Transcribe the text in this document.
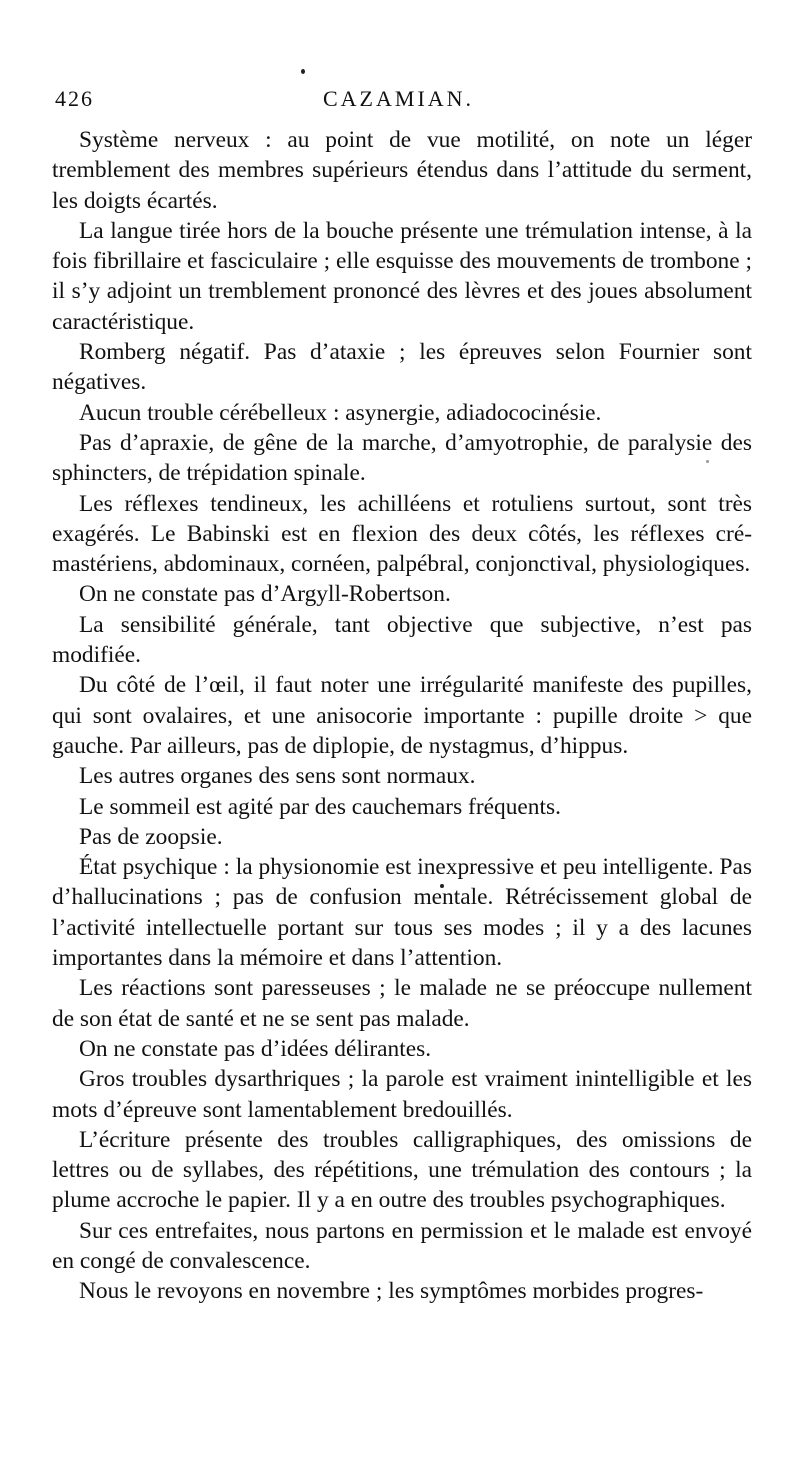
426	CAZAMIAN.

Système nerveux : au point de vue motilité, on note un léger tremblement des membres supérieurs étendus dans l’attitude du serment, les doigts écartés.

La langue tirée hors de la bouche présente une trémulation intense, à la fois fibrillaire et fasciculaire ; elle esquisse des mouvements de trombone ; il s’y adjoint un tremblement prononcé des lèvres et des joues absolument caractéristique.

Romberg négatif. Pas d’ataxie ; les épreuves selon Fournier sont négatives.

Aucun trouble cérébelleux : asynergie, adiadococinésie.

Pas d’apraxie, de gêne de la marche, d’amyotrophie, de paralysie des sphincters, de trépidation spinale.

Les réflexes tendineux, les achilléens et rotuliens surtout, sont très exagérés. Le Babinski est en flexion des deux côtés, les réflexes crémastériens, abdominaux, cornéen, palpébral, conjonctival, physiologiques.

On ne constate pas d’Argyll-Robertson.

La sensibilité générale, tant objective que subjective, n’est pas modifiée.

Du côté de l’œil, il faut noter une irrégularité manifeste des pupilles, qui sont ovalaires, et une anisocorie importante : pupille droite > que gauche. Par ailleurs, pas de diplopie, de nystagmus, d’hippus.

Les autres organes des sens sont normaux.

Le sommeil est agité par des cauchemars fréquents.

Pas de zoopsie.

État psychique : la physionomie est inexpressive et peu intelligente. Pas d’hallucinations ; pas de confusion mentale. Rétrécissement global de l’activité intellectuelle portant sur tous ses modes ; il y a des lacunes importantes dans la mémoire et dans l’attention.

Les réactions sont paresseuses ; le malade ne se préoccupe nullement de son état de santé et ne se sent pas malade.

On ne constate pas d’idées délirantes.

Gros troubles dysarthriques ; la parole est vraiment inintelligible et les mots d’épreuve sont lamentablement bredouillés.

L’écriture présente des troubles calligraphiques, des omissions de lettres ou de syllabes, des répétitions, une trémulation des contours ; la plume accroche le papier. Il y a en outre des troubles psychographiques.

Sur ces entrefaites, nous partons en permission et le malade est envoyé en congé de convalescence.

Nous le revoyons en novembre ; les symptômes morbides progres-
